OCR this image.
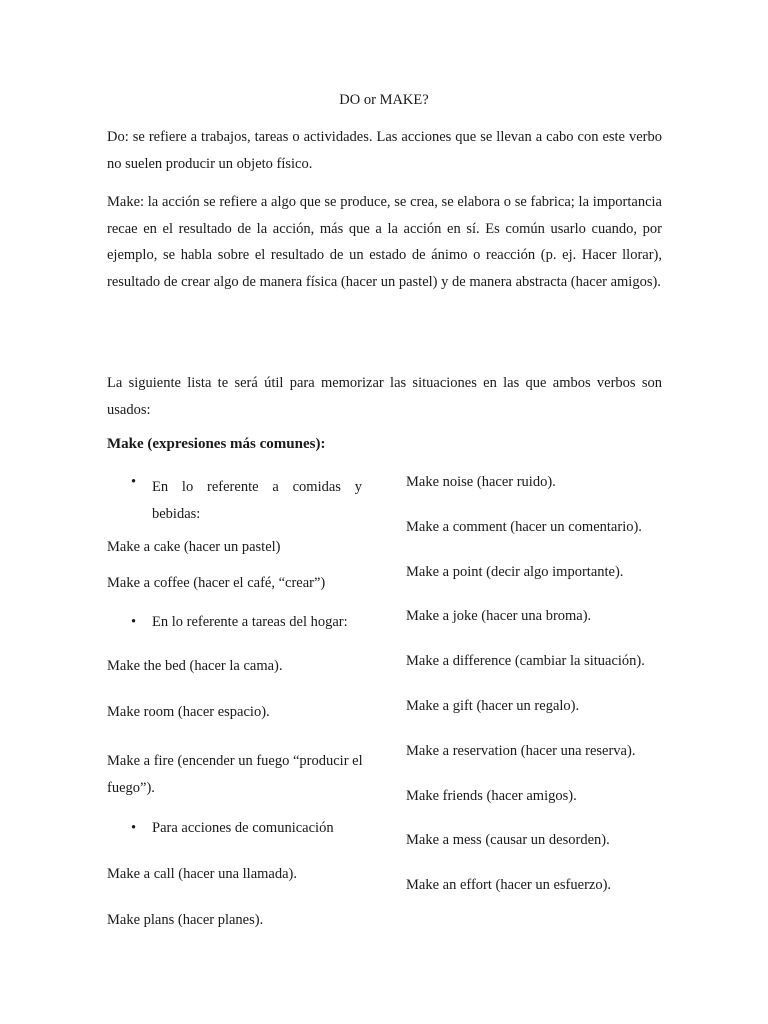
DO or MAKE?

Do: se refiere a trabajos, tareas o actividades. Las acciones que se llevan a cabo con este verbo no suelen producir un objeto físico.

Make: la acción se refiere a algo que se produce, se crea, se elabora o se fabrica; la importancia recae en el resultado de la acción, más que a la acción en sí. Es común usarlo cuando, por ejemplo, se habla sobre el resultado de un estado de ánimo o reacción (p. ej. Hacer llorar), resultado de crear algo de manera física (hacer un pastel) y de manera abstracta (hacer amigos).

La siguiente lista te será útil para memorizar las situaciones en las que ambos verbos son usados:

Make (expresiones más comunes):
• En lo referente a comidas y bebidas:
Make a cake (hacer un pastel)
Make a coffee (hacer el café, “crear”)
• En lo referente a tareas del hogar:
Make the bed (hacer la cama).
Make room (hacer espacio).
Make a fire (encender un fuego “producir el fuego”).
• Para acciones de comunicación
Make a call (hacer una llamada).
Make plans (hacer planes).
Make noise (hacer ruido).
Make a comment (hacer un comentario).
Make a point (decir algo importante).
Make a joke (hacer una broma).
Make a difference (cambiar la situación).
Make a gift (hacer un regalo).
Make a reservation (hacer una reserva).
Make friends (hacer amigos).
Make a mess (causar un desorden).
Make an effort (hacer un esfuerzo).
